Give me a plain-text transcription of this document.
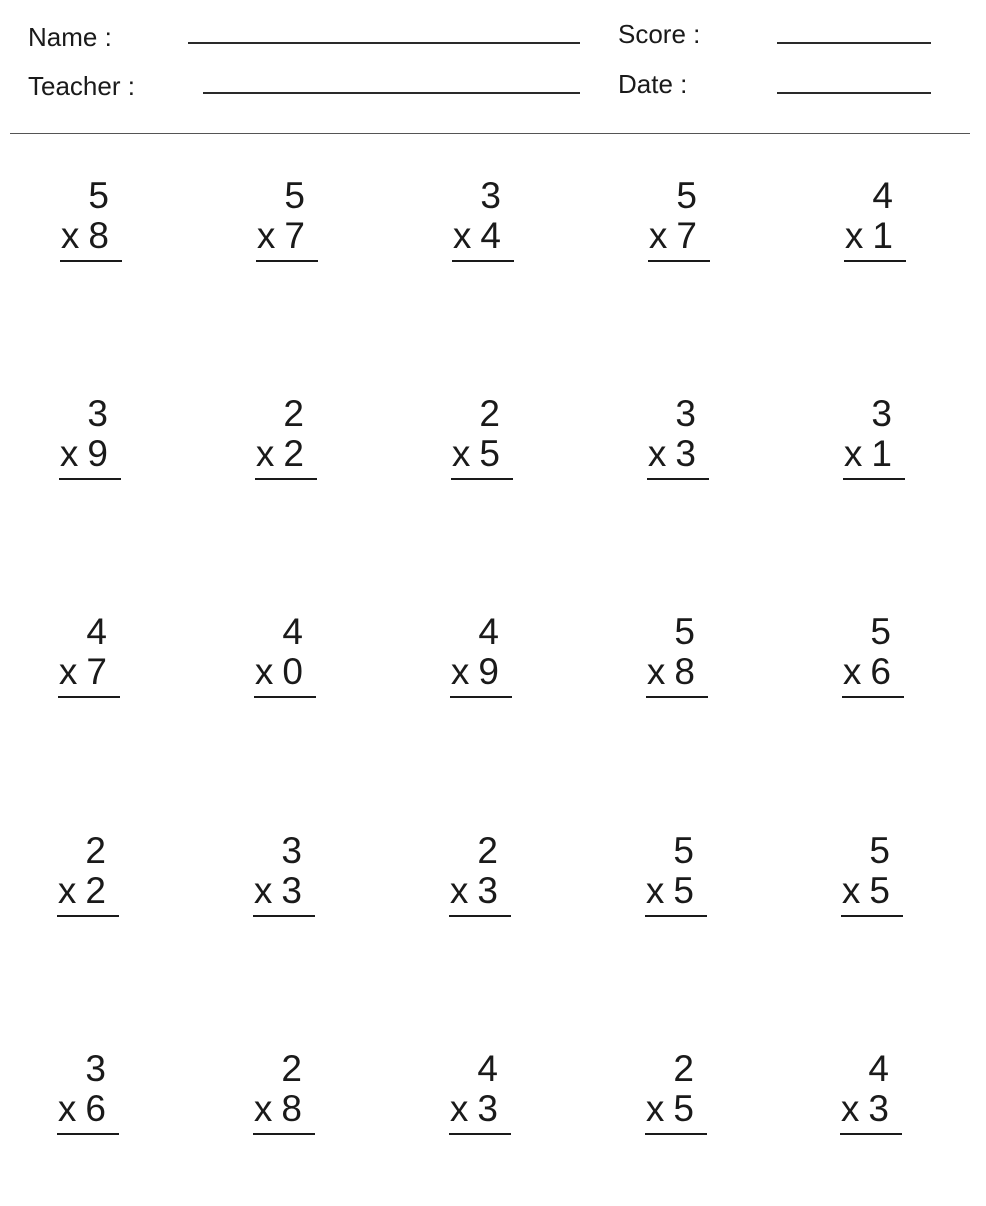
Name :
Teacher :
Score :
Date :
5
x 8
5
x 7
3
x 4
5
x 7
4
x 1
3
x 9
2
x 2
2
x 5
3
x 3
3
x 1
4
x 7
4
x 0
4
x 9
5
x 8
5
x 6
2
x 2
3
x 3
2
x 3
5
x 5
5
x 5
3
x 6
2
x 8
4
x 3
2
x 5
4
x 3
